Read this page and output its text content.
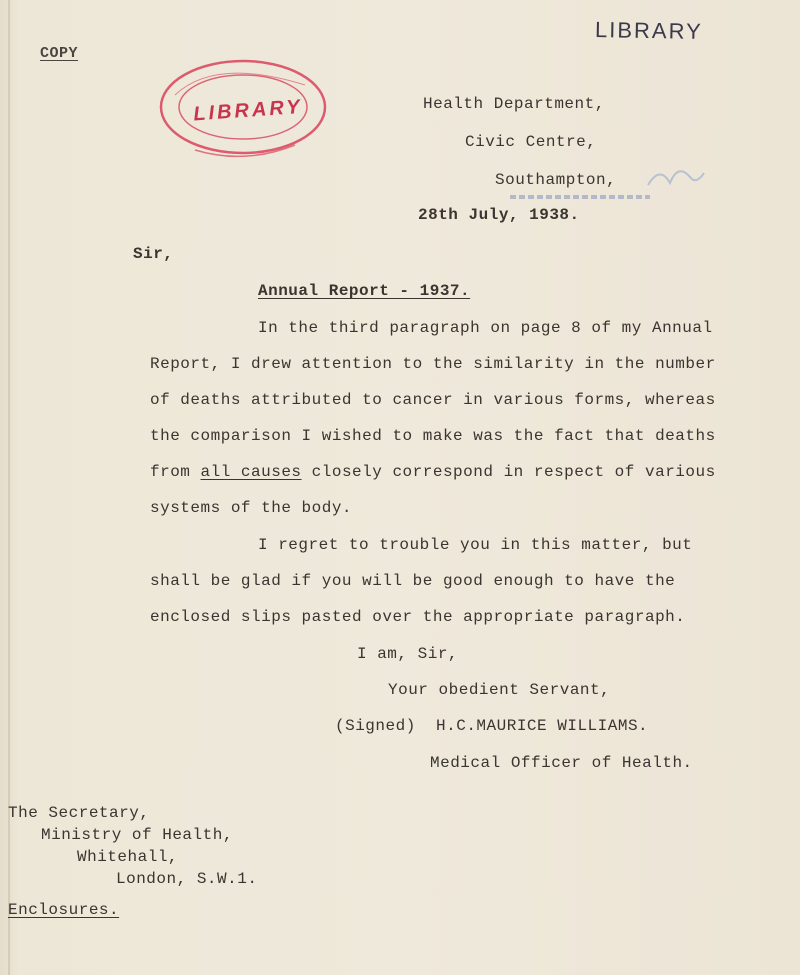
COPY
LIBRARY
LIBRARY	Health Department,
Civic Centre,
Southampton,
28th July, 1938.
Sir,
Annual Report - 1937.
In the third paragraph on page 8 of my Annual
Report, I drew attention to the similarity in the number
of deaths attributed to cancer in various forms, whereas
the comparison I wished to make was the fact that deaths
from all causes closely correspond in respect of various
systems of the body.
I regret to trouble you in this matter, but
shall be glad if you will be good enough to have the
enclosed slips pasted over the appropriate paragraph.
I am, Sir,
Your obedient Servant,
(Signed) H.C.MAURICE WILLIAMS.
Medical Officer of Health.
The Secretary,
Ministry of Health,
Whitehall,
London, S.W.1.
Enclosures.
